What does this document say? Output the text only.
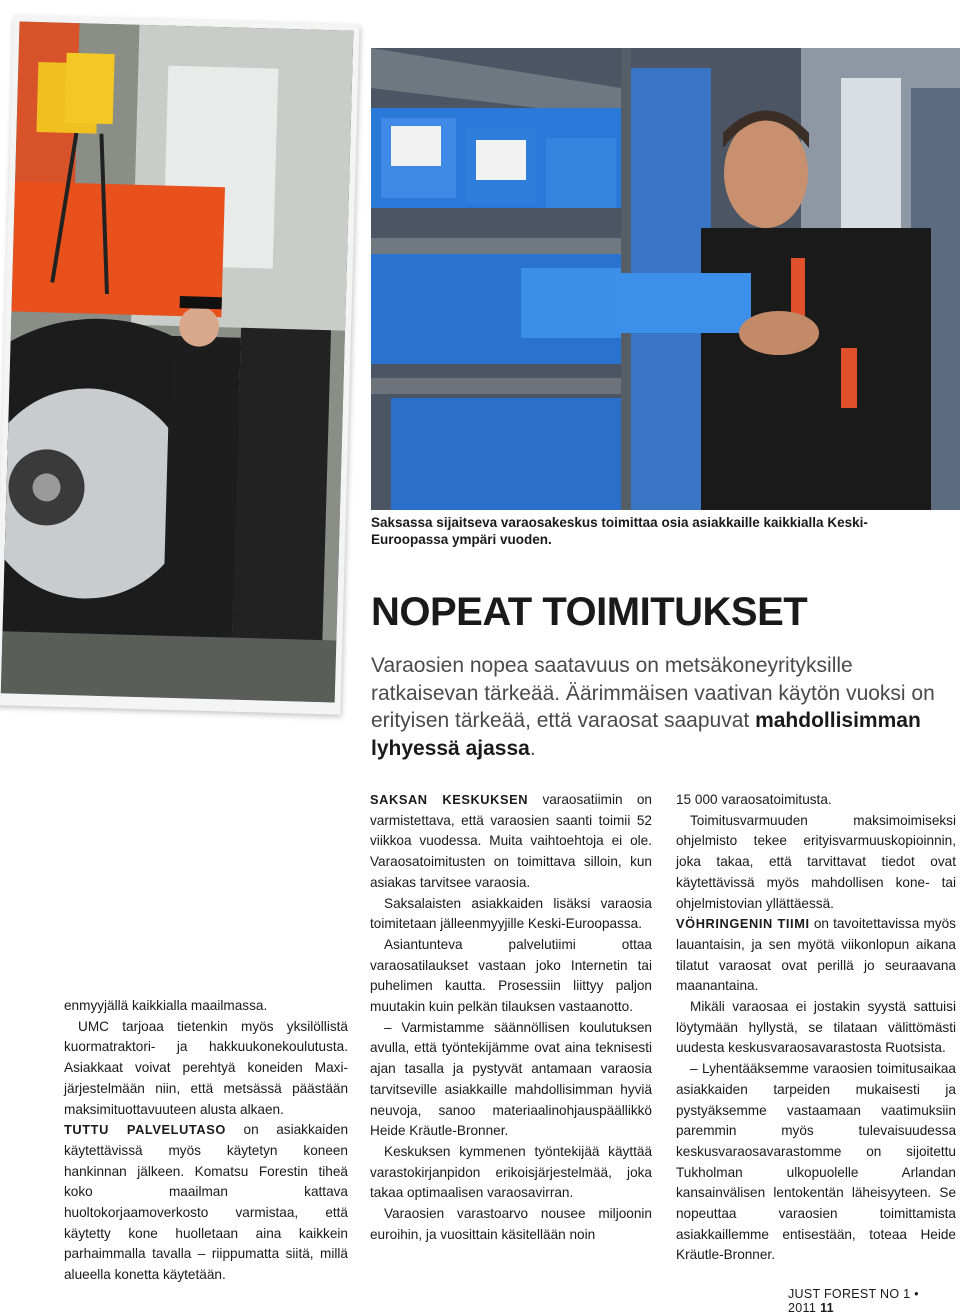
Saksassa sijaitseva varaosakeskus toimittaa osia asiakkaille kaikkialla Keski-Euroopassa ympäri vuoden.
NOPEAT TOIMITUKSET

Varaosien nopea saatavuus on metsäkoneyrityksille ratkaisevan tärkeää. Äärimmäisen vaativan käytön vuoksi on erityisen tärkeää, että varaosat saapuvat mahdollisimman lyhyessä ajassa.

enmyyjällä kaikkialla maailmassa.

UMC tarjoaa tietenkin myös yksilöllistä kuormatraktori- ja hakkuukonekoulutusta. Asiakkaat voivat perehtyä koneiden Maxi-järjestelmään niin, että metsässä päästään maksimituottavuuteen alusta alkaen.

TUTTU PALVELUTASO on asiakkaiden käytettävissä myös käytetyn koneen hankinnan jälkeen. Komatsu Forestin tiheä koko maailman kattava huoltokorjaamoverkosto varmistaa, että käytetty kone huolletaan aina kaikkein parhaimmalla tavalla – riippumatta siitä, millä alueella konetta käytetään.

SAKSAN KESKUKSEN varaosatiimin on varmistettava, että varaosien saanti toimii 52 viikkoa vuodessa. Muita vaihtoehtoja ei ole. Varaosatoimitusten on toimittava silloin, kun asiakas tarvitsee varaosia.

Saksalaisten asiakkaiden lisäksi varaosia toimitetaan jälleenmyyjille Keski-Euroopassa.

Asiantunteva palvelutiimi ottaa varaosatilaukset vastaan joko Internetin tai puhelimen kautta. Prosessiin liittyy paljon muutakin kuin pelkän tilauksen vastaanotto.

– Varmistamme säännöllisen koulutuksen avulla, että työntekijämme ovat aina teknisesti ajan tasalla ja pystyvät antamaan varaosia tarvitseville asiakkaille mahdollisimman hyviä neuvoja, sanoo materiaalinohjauspäällikkö Heide Kräutle-Bronner.

Keskuksen kymmenen työntekijää käyttää varastokirjanpidon erikoisjärjestelmää, joka takaa optimaalisen varaosavirran.

Varaosien varastoarvo nousee miljoonin euroihin, ja vuosittain käsitellään noin

15 000 varaosatoimitusta.

Toimitusvarmuuden maksimoimiseksi ohjelmisto tekee erityisvarmuuskopioinnin, joka takaa, että tarvittavat tiedot ovat käytettävissä myös mahdollisen kone- tai ohjelmistovian yllättäessä.

VÖHRINGENIN TIIMI on tavoitettavissa myös lauantaisin, ja sen myötä viikonlopun aikana tilatut varaosat ovat perillä jo seuraavana maanantaina.

Mikäli varaosaa ei jostakin syystä sattuisi löytymään hyllystä, se tilataan välittömästi uudesta keskusvaraosavarastosta Ruotsista.

– Lyhentääksemme varaosien toimitusaikaa asiakkaiden tarpeiden mukaisesti ja pystyäksemme vastaamaan vaatimuksiin paremmin myös tulevaisuudessa keskusvaraosavarastomme on sijoitettu Tukholman ulkopuolelle Arlandan kansainvälisen lentokentän läheisyyteen. Se nopeuttaa varaosien toimittamista asiakkaillemme entisestään, toteaa Heide Kräutle-Bronner.

JUST FOREST NO 1 • 2011 11
